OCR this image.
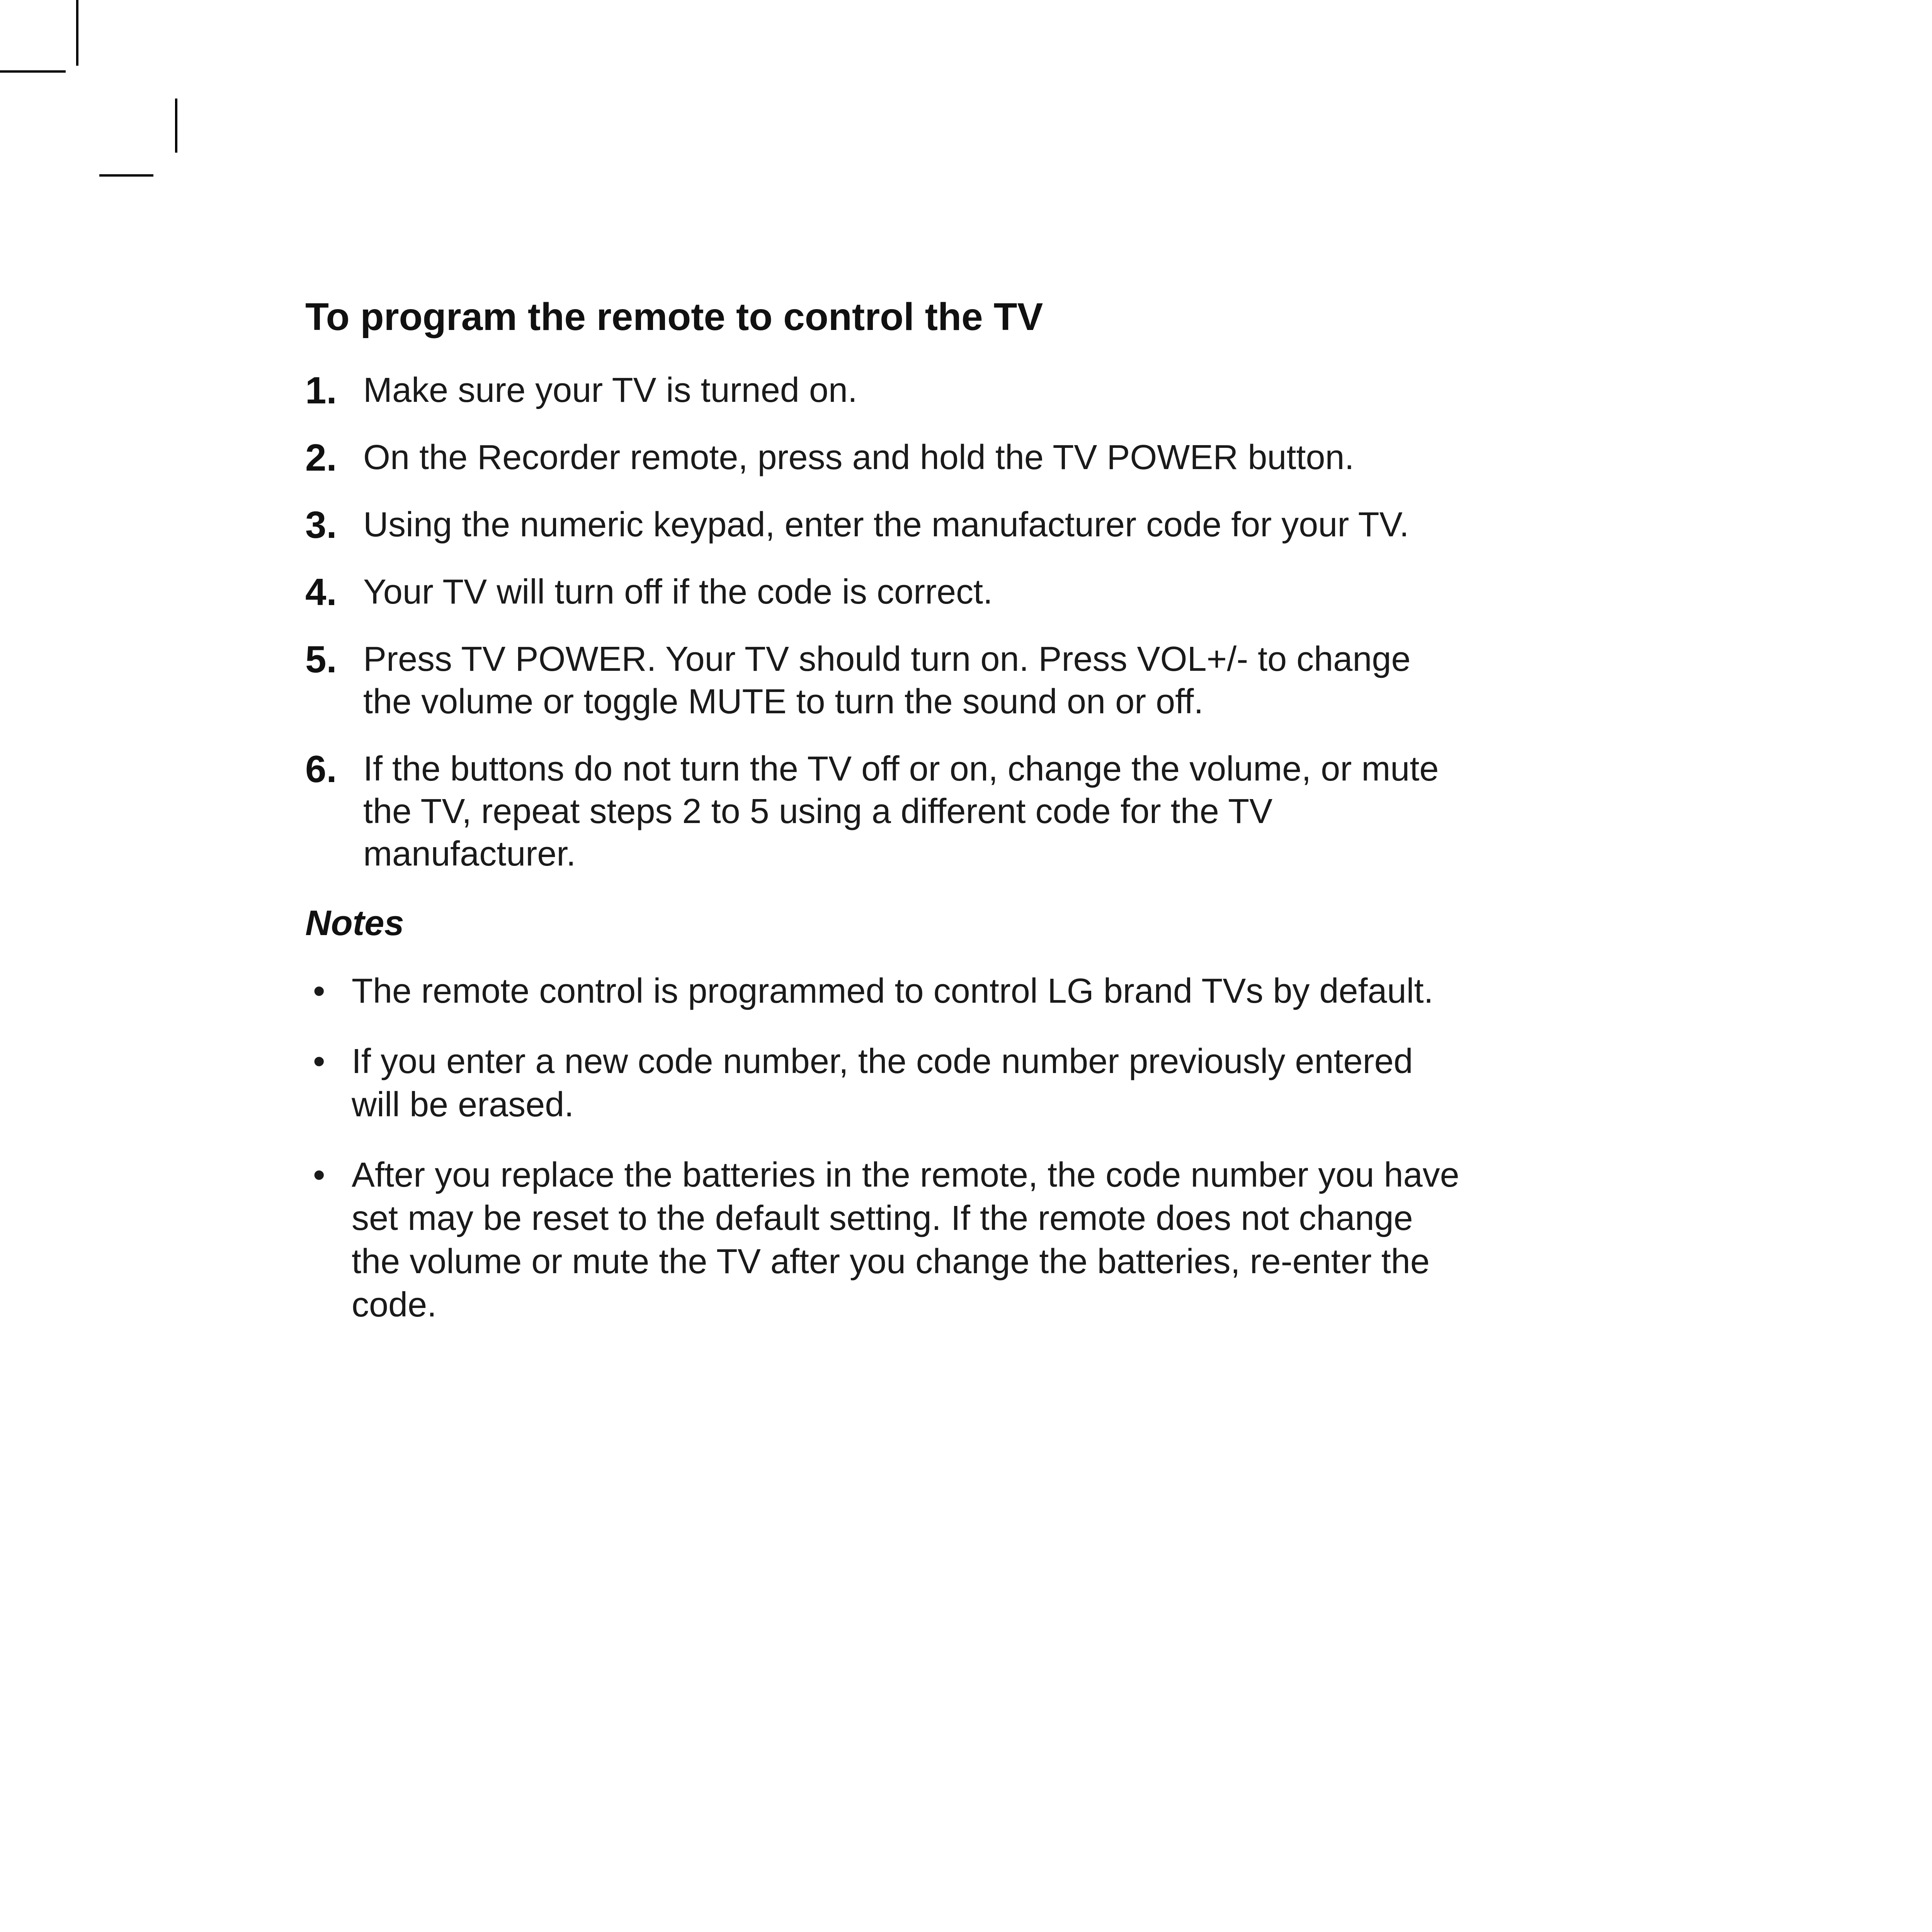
To program the remote to control the TV
1. Make sure your TV is turned on.
2. On the Recorder remote, press and hold the TV POWER button.
3. Using the numeric keypad, enter the manufacturer code for your TV.
4. Your TV will turn off if the code is correct.
5. Press TV POWER. Your TV should turn on. Press VOL+/- to change the volume or toggle MUTE to turn the sound on or off.
6. If the buttons do not turn the TV off or on, change the volume, or mute the TV, repeat steps 2 to 5 using a different code for the TV manufacturer.
Notes
• The remote control is programmed to control LG brand TVs by default.
• If you enter a new code number, the code number previously entered will be erased.
• After you replace the batteries in the remote, the code number you have set may be reset to the default setting. If the remote does not change the volume or mute the TV after you change the batteries, re-enter the code.
